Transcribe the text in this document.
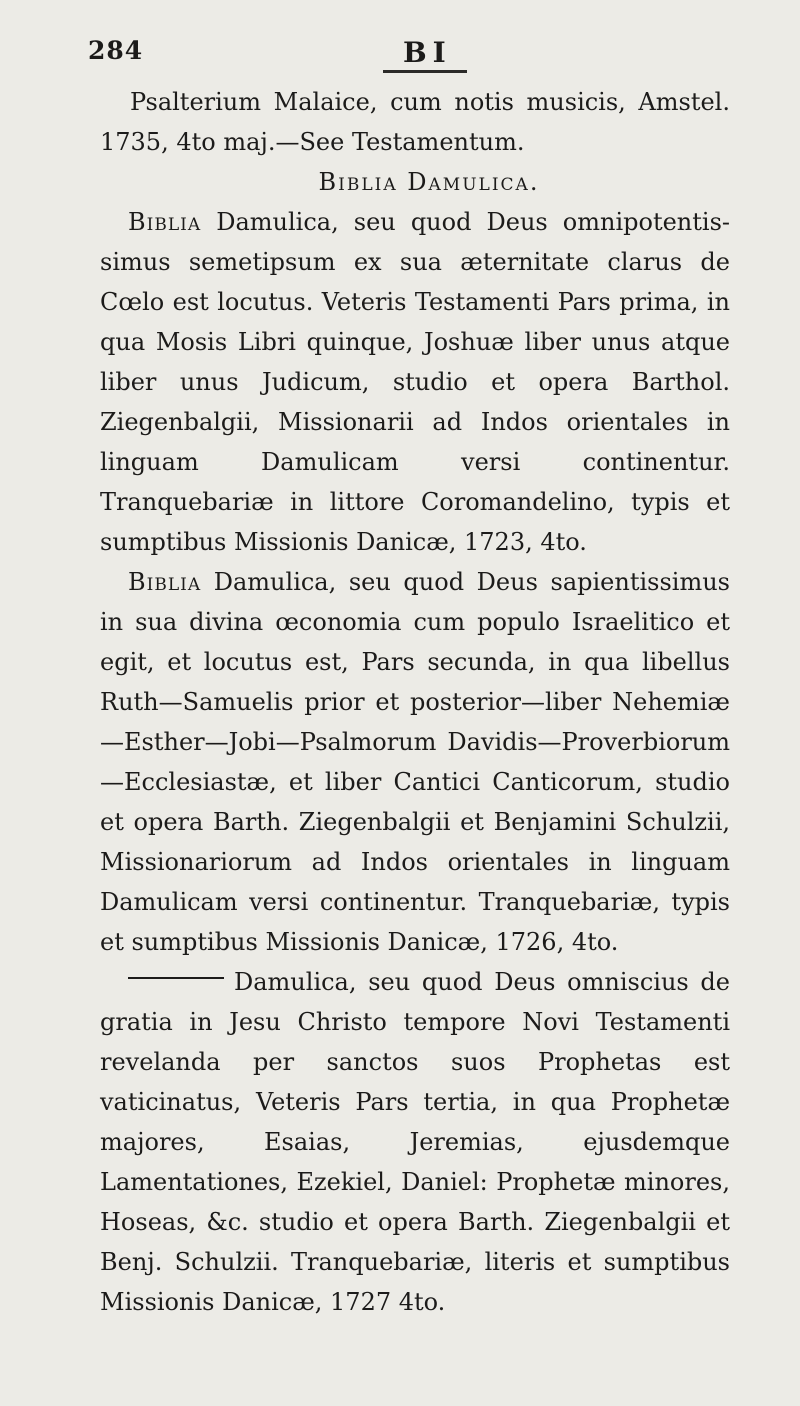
284	BI

Psalterium Malaice, cum notis musicis, Amstel. 1735, 4to maj.—See Testamentum.

Biblia Damulica.

Biblia Damulica, seu quod Deus omnipotentis-simus semetipsum ex sua æternitate clarus de Cœlo est locutus. Veteris Testamenti Pars prima, in qua Mosis Libri quinque, Joshuæ liber unus atque liber unus Judicum, studio et opera Barthol. Ziegenbalgii, Missionarii ad Indos orientales in linguam Damulicam versi continentur. Tranquebariæ in littore Coromandelino, typis et sumptibus Missionis Danicæ, 1723, 4to.

Biblia Damulica, seu quod Deus sapientissimus in sua divina œconomia cum populo Israelitico et egit, et locutus est, Pars secunda, in qua libellus Ruth—Samuelis prior et posterior—liber Nehemiæ—Esther—Jobi—Psalmorum Davidis—Proverbiorum—Ecclesiastæ, et liber Cantici Canticorum, studio et opera Barth. Ziegenbalgii et Benjamini Schulzii, Missionariorum ad Indos orientales in linguam Damulicam versi continentur. Tranquebariæ, typis et sumptibus Missionis Danicæ, 1726, 4to.

Damulica, seu quod Deus omniscius de gratia in Jesu Christo tempore Novi Testamenti revelanda per sanctos suos Prophetas est vaticinatus, Veteris Pars tertia, in qua Prophetæ majores, Esaias, Jeremias, ejusdemque Lamentationes, Ezekiel, Daniel: Prophetæ minores, Hoseas, &c. studio et opera Barth. Ziegenbalgii et Benj. Schulzii. Tranquebariæ, literis et sumptibus Missionis Danicæ, 1727 4to.
